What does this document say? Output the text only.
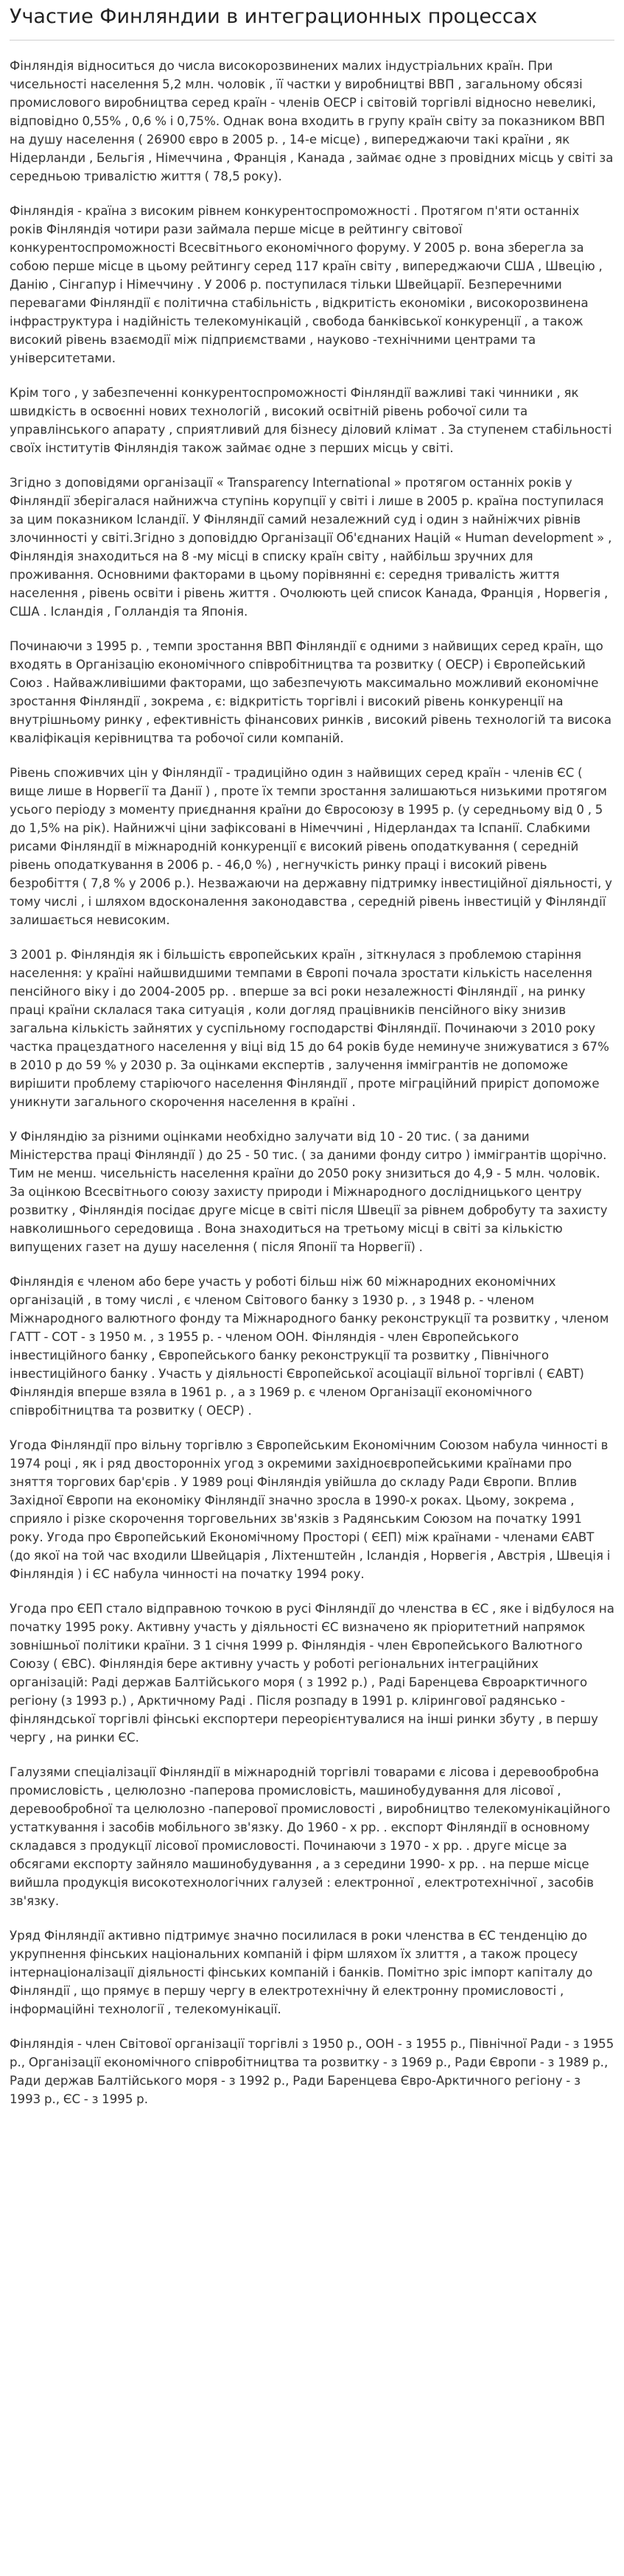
Участие Финляндии в интеграционных процессах

Фінляндія відноситься до числа високорозвинених малих індустріальних країн. При чисельності населення 5,2 млн. чоловік , її частки у виробництві ВВП , загальному обсязі промислового виробництва серед країн - членів ОЕСР і світовій торгівлі відносно невеликі, відповідно 0,55% , 0,6 % і 0,75%. Однак вона входить в групу країн світу за показником ВВП на душу населення ( 26900 євро в 2005 р. , 14-е місце) , випереджаючи такі країни , як Нідерланди , Бельгія , Німеччина , Франція , Канада , займає одне з провідних місць у світі за середньою тривалістю життя ( 78,5 року).

Фінляндія - країна з високим рівнем конкурентоспроможності . Протягом п'яти останніх років Фінляндія чотири рази займала перше місце в рейтингу світової конкурентоспроможності Всесвітнього економічного форуму. У 2005 р. вона зберегла за собою перше місце в цьому рейтингу серед 117 країн світу , випереджаючи США , Швецію , Данію , Сінгапур і Німеччину . У 2006 р. поступилася тільки Швейцарії. Безперечними перевагами Фінляндії є політична стабільність , відкритість економіки , високорозвинена інфраструктура і надійність телекомунікацій , свобода банківської конкуренції , а також високий рівень взаємодії між підприємствами , науково -технічними центрами та університетами.

Крім того , у забезпеченні конкурентоспроможності Фінляндії важливі такі чинники , як швидкість в освоєнні нових технологій , високий освітній рівень робочої сили та управлінського апарату , сприятливий для бізнесу діловий клімат . За ступенем стабільності своїх інститутів Фінляндія також займає одне з перших місць у світі.

Згідно з доповідями організації « Transparency International » протягом останніх років у Фінляндії зберігалася найнижча ступінь корупції у світі і лише в 2005 р. країна поступилася за цим показником Ісландії. У Фінляндії самий незалежний суд і один з найніжчих рівнів злочинності у світі.Згідно з доповіддю Організації Об'єднаних Націй « Human development » , Фінляндія знаходиться на 8 -му місці в списку країн світу , найбільш зручних для проживання. Основними факторами в цьому порівнянні є: середня тривалість життя населення , рівень освіти і рівень життя . Очолюють цей список Канада, Франція , Норвегія , США . Ісландія , Голландія та Японія.

Починаючи з 1995 р. , темпи зростання ВВП Фінляндії є одними з найвищих серед країн, що входять в Організацію економічного співробітництва та розвитку ( ОЕСР) і Європейський Союз . Найважливішими факторами, що забезпечують максимально можливий економічне зростання Фінляндії , зокрема , є: відкритість торгівлі і високий рівень конкуренції на внутрішньому ринку , ефективність фінансових ринків , високий рівень технологій та висока кваліфікація керівництва та робочої сили компаній.

Рівень споживчих цін у Фінляндії - традиційно один з найвищих серед країн - членів ЄС ( вище лише в Норвегії та Данії ) , проте їх темпи зростання залишаються низькими протягом усього періоду з моменту приєднання країни до Євросоюзу в 1995 р. (у середньому від 0 , 5 до 1,5% на рік). Найнижчі ціни зафіксовані в Німеччині , Нідерландах та Іспанії. Слабкими рисами Фінляндії в міжнародній конкуренції є високий рівень оподаткування ( середній рівень оподаткування в 2006 р. - 46,0 %) , негнучкість ринку праці і високий рівень безробіття ( 7,8 % у 2006 р.). Незважаючи на державну підтримку інвестиційної діяльності, у тому числі , і шляхом вдосконалення законодавства , середній рівень інвестицій у Фінляндії залишається невисоким.

З 2001 р. Фінляндія як і більшість європейських країн , зіткнулася з проблемою старіння населення: у країні найшвидшими темпами в Європі почала зростати кількість населення пенсійного віку і до 2004-2005 рр. . вперше за всі роки незалежності Фінляндії , на ринку праці країни склалася така ситуація , коли догляд працівників пенсійного віку знизив загальна кількість зайнятих у суспільному господарстві Фінляндії. Починаючи з 2010 року частка працездатного населення у віці від 15 до 64 років буде неминуче знижуватися з 67% в 2010 р до 59 % у 2030 р. За оцінками експертів , залучення іммігрантів не допоможе вирішити проблему старіючого населення Фінляндії , проте міграційний приріст допоможе уникнути загального скорочення населення в країні .

У Фінляндію за різними оцінками необхідно залучати від 10 - 20 тис. ( за даними Міністерства праці Фінляндії ) до 25 - 50 тис. ( за даними фонду ситро ) іммігрантів щорічно. Тим не менш. чисельність населення країни до 2050 року знизиться до 4,9 - 5 млн. чоловік. За оцінкою Всесвітнього союзу захисту природи і Міжнародного дослідницького центру розвитку , Фінляндія посідає друге місце в світі після Швеції за рівнем добробуту та захисту навколишнього середовища . Вона знаходиться на третьому місці в світі за кількістю випущених газет на душу населення ( після Японії та Норвегії) .

Фінляндія є членом або бере участь у роботі більш ніж 60 міжнародних економічних організацій , в тому числі , є членом Світового банку з 1930 р. , з 1948 р. - членом Міжнародного валютного фонду та Міжнародного банку реконструкції та розвитку , членом ГАТТ - СОТ - з 1950 м. , з 1955 р. - членом ООН. Фінляндія - член Європейського інвестиційного банку , Європейського банку реконструкції та розвитку , Північного інвестиційного банку . Участь у діяльності Європейської асоціації вільної торгівлі ( ЄАВТ) Фінляндія вперше взяла в 1961 р. , а з 1969 р. є членом Організації економічного співробітництва та розвитку ( ОЕСР) .

Угода Фінляндії про вільну торгівлю з Європейським Економічним Союзом набула чинності в 1974 році , як і ряд двосторонніх угод з окремими західноєвропейськими країнами про зняття торгових бар'єрів . У 1989 році Фінляндія увійшла до складу Ради Європи. Вплив Західної Європи на економіку Фінляндії значно зросла в 1990-х роках. Цьому, зокрема , сприяло і різке скорочення торговельних зв'язків з Радянським Союзом на початку 1991 року. Угода про Європейський Економічному Просторі ( ЄЕП) між країнами - членами ЄАВТ (до якої на той час входили Швейцарія , Ліхтенштейн , Ісландія , Норвегія , Австрія , Швеція і Фінляндія ) і ЄС набула чинності на початку 1994 року.

Угода про ЄЕП стало відправною точкою в русі Фінляндії до членства в ЄС , яке і відбулося на початку 1995 року. Активну участь у діяльності ЄС визначено як пріоритетний напрямок зовнішньої політики країни. З 1 січня 1999 р. Фінляндія - член Європейського Валютного Союзу ( ЄВС). Фінляндія бере активну участь у роботі регіональних інтеграційних організацій: Раді держав Балтійського моря ( з 1992 р.) , Раді Баренцева Євроарктичного регіону (з 1993 р.) , Арктичному Раді . Після розпаду в 1991 р. клірингової радянсько - фінляндської торгівлі фінські експортери переорієнтувалися на інші ринки збуту , в першу чергу , на ринки ЄС.

Галузями спеціалізації Фінляндії в міжнародній торгівлі товарами є лісова і деревообробна промисловість , целюлозно -паперова промисловість, машинобудування для лісової , деревообробної та целюлозно -паперової промисловості , виробництво телекомунікаційного устаткування і засобів мобільного зв'язку. До 1960 - х рр. . експорт Фінляндії в основному складався з продукції лісової промисловості. Починаючи з 1970 - х рр. . друге місце за обсягами експорту зайняло машинобудування , а з середини 1990- х рр. . на перше місце вийшла продукція високотехнологічних галузей : електронної , електротехнічної , засобів зв'язку.

Уряд Фінляндії активно підтримує значно посилилася в роки членства в ЄС тенденцію до укрупнення фінських національних компаній і фірм шляхом їх злиття , а також процесу інтернаціоналізації діяльності фінських компаній і банків. Помітно зріс імпорт капіталу до Фінляндії , що прямує в першу чергу в електротехнічну й електронну промисловості , інформаційні технології , телекомунікації.

Фінляндія - член Світової організації торгівлі з 1950 р., ООН - з 1955 р., Північної Ради - з 1955 р., Організації економічного співробітництва та розвитку - з 1969 р., Ради Європи - з 1989 р., Ради держав Балтійського моря - з 1992 р., Ради Баренцева Євро-Арктичного регіону - з 1993 р., ЄС - з 1995 р.
